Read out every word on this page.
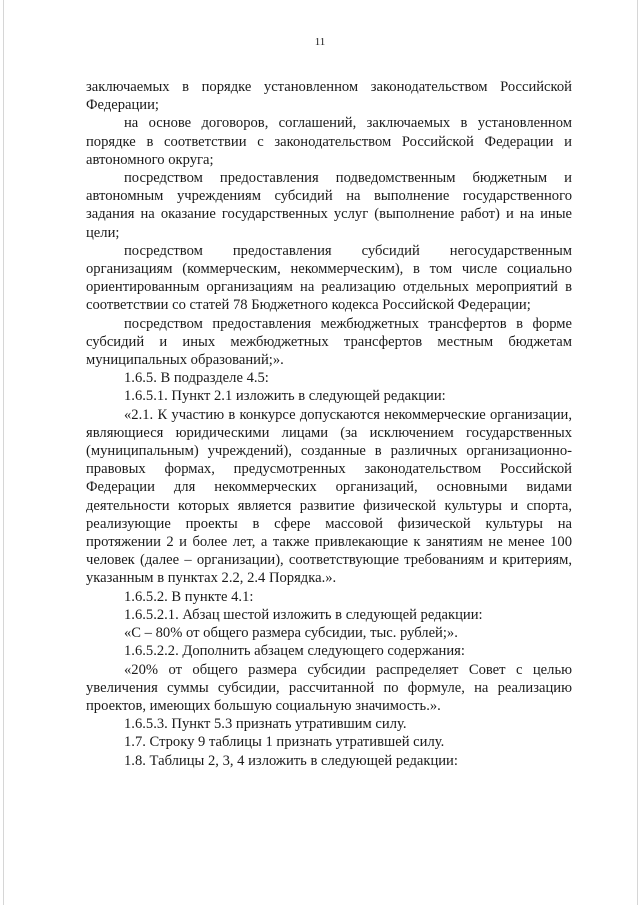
11

заключаемых в порядке установленном законодательством Российской Федерации;

на основе договоров, соглашений, заключаемых в установленном порядке в соответствии с законодательством Российской Федерации и автономного округа;

посредством предоставления подведомственным бюджетным и автономным учреждениям субсидий на выполнение государственного задания на оказание государственных услуг (выполнение работ) и на иные цели;

посредством предоставления субсидий негосударственным организациям (коммерческим, некоммерческим), в том числе социально ориентированным организациям на реализацию отдельных мероприятий в соответствии со статей 78 Бюджетного кодекса Российской Федерации;

посредством предоставления межбюджетных трансфертов в форме субсидий и иных межбюджетных трансфертов местным бюджетам муниципальных образований;».

1.6.5. В подразделе 4.5:

1.6.5.1. Пункт 2.1 изложить в следующей редакции:

«2.1. К участию в конкурсе допускаются некоммерческие организации, являющиеся юридическими лицами (за исключением государственных (муниципальным) учреждений), созданные в различных организационно-правовых формах, предусмотренных законодательством Российской Федерации для некоммерческих организаций, основными видами деятельности которых является развитие физической культуры и спорта, реализующие проекты в сфере массовой физической культуры на протяжении 2 и более лет, а также привлекающие к занятиям не менее 100 человек (далее – организации), соответствующие требованиям и критериям, указанным в пунктах 2.2, 2.4 Порядка.».

1.6.5.2. В пункте 4.1:

1.6.5.2.1. Абзац шестой изложить в следующей редакции:

«С – 80% от общего размера субсидии, тыс. рублей;».

1.6.5.2.2. Дополнить абзацем следующего содержания:

«20% от общего размера субсидии распределяет Совет с целью увеличения суммы субсидии, рассчитанной по формуле, на реализацию проектов, имеющих большую социальную значимость.».

1.6.5.3. Пункт 5.3 признать утратившим силу.

1.7. Строку 9 таблицы 1 признать утратившей силу.

1.8. Таблицы 2, 3, 4 изложить в следующей редакции:
